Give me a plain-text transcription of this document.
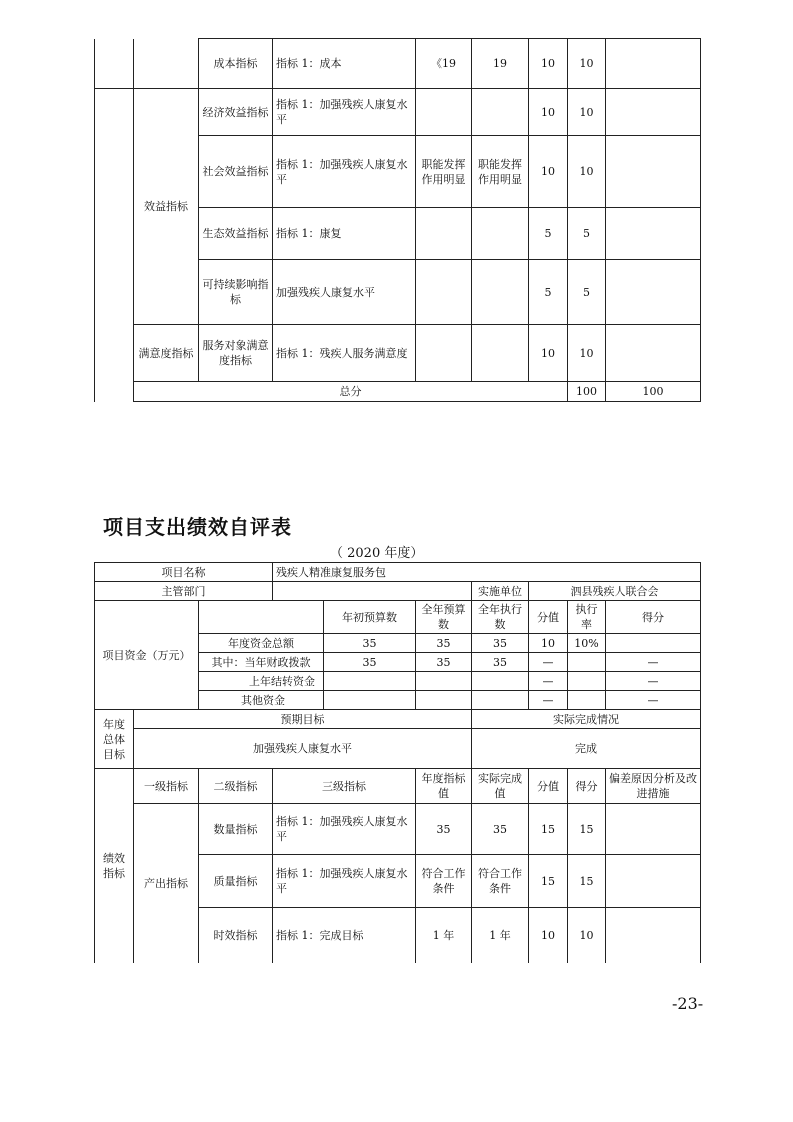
		成本指标	指标 1：成本	《19	19	10	10		
	效益指标	经济效益指标	指标 1：加强残疾人康复水平			10	10		
		社会效益指标	指标 1：加强残疾人康复水平	职能发挥作用明显	职能发挥作用明显	10	10		
		生态效益指标	指标 1：康复			5	5		
		可持续影响指标	加强残疾人康复水平			5	5		
	满意度指标	服务对象满意度指标	指标 1：残疾人服务满意度			10	10		
	总分						100	100	
项目支出绩效自评表
（ 2020 年度）
项目名称			残疾人精准康复服务包						
主管部门						实施单位	泗县残疾人联合会		
项目资金（万元）				年初预算数	全年预算数	全年执行数	分值	执行率	得分
		年度资金总额		35	35	35	10	10%	
		其中：当年财政拨款		35	35	35	—		—
		上年结转资金					—		—
		其他资金					—		—
年度总体目标	预期目标					实际完成情况			
	加强残疾人康复水平					完成			
绩效指标	一级指标	二级指标	三级指标		年度指标值	实际完成值	分值	得分	偏差原因分析及改进措施
	产出指标	数量指标	指标 1：加强残疾人康复水平		35	35	15	15	
		质量指标	指标 1：加强残疾人康复水平		符合工作条件	符合工作条件	15	15	
		时效指标	指标 1：完成目标		1 年	1 年	10	10	
-23-
